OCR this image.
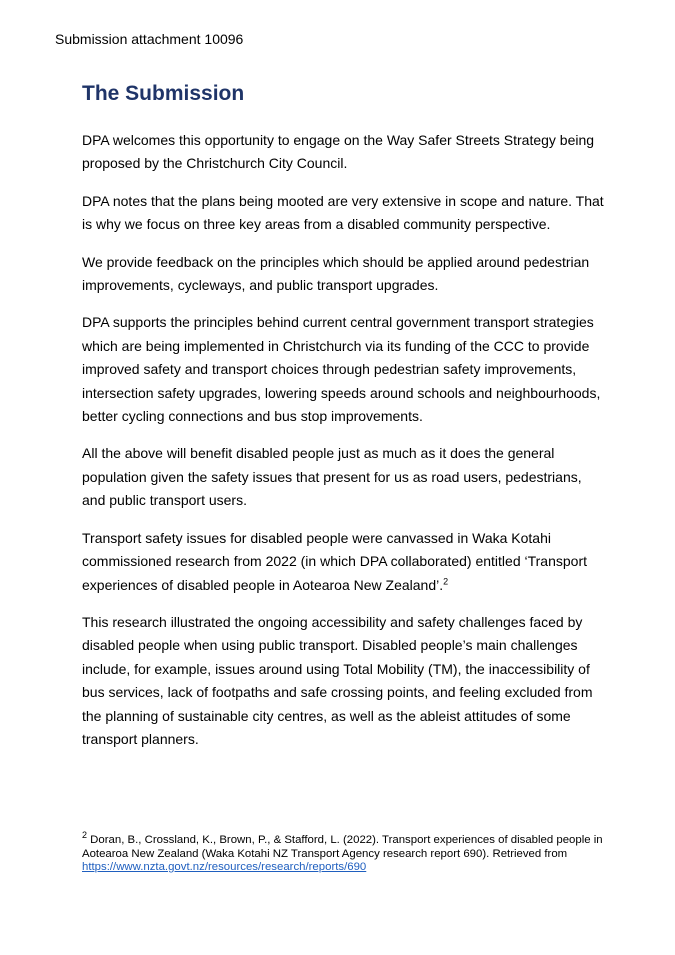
Submission attachment 10096

The Submission

DPA welcomes this opportunity to engage on the Way Safer Streets Strategy being proposed by the Christchurch City Council.

DPA notes that the plans being mooted are very extensive in scope and nature. That is why we focus on three key areas from a disabled community perspective.

We provide feedback on the principles which should be applied around pedestrian improvements, cycleways, and public transport upgrades.

DPA supports the principles behind current central government transport strategies which are being implemented in Christchurch via its funding of the CCC to provide improved safety and transport choices through pedestrian safety improvements, intersection safety upgrades, lowering speeds around schools and neighbourhoods, better cycling connections and bus stop improvements.

All the above will benefit disabled people just as much as it does the general population given the safety issues that present for us as road users, pedestrians, and public transport users.

Transport safety issues for disabled people were canvassed in Waka Kotahi commissioned research from 2022 (in which DPA collaborated) entitled ‘Transport experiences of disabled people in Aotearoa New Zealand’.$^2$

This research illustrated the ongoing accessibility and safety challenges faced by disabled people when using public transport. Disabled people’s main challenges include, for example, issues around using Total Mobility (TM), the inaccessibility of bus services, lack of footpaths and safe crossing points, and feeling excluded from the planning of sustainable city centres, as well as the ableist attitudes of some transport planners.

$^2$ Doran, B., Crossland, K., Brown, P., & Stafford, L. (2022). Transport experiences of disabled people in Aotearoa New Zealand (Waka Kotahi NZ Transport Agency research report 690). Retrieved from https://www.nzta.govt.nz/resources/research/reports/690
